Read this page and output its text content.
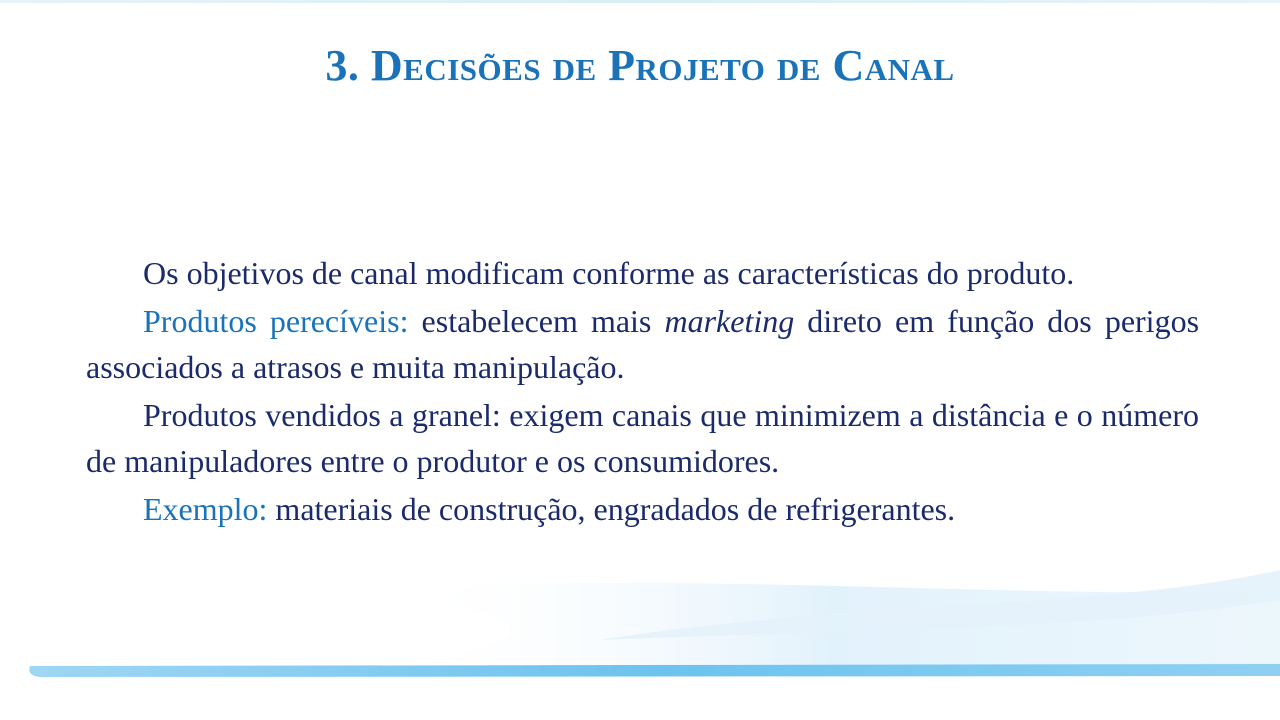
3. Decisões de Projeto de Canal

Os objetivos de canal modificam conforme as características do produto.

Produtos perecíveis: estabelecem mais marketing direto em função dos perigos associados a atrasos e muita manipulação.

Produtos vendidos a granel: exigem canais que minimizem a distância e o número de manipuladores entre o produtor e os consumidores.

Exemplo: materiais de construção, engradados de refrigerantes.
